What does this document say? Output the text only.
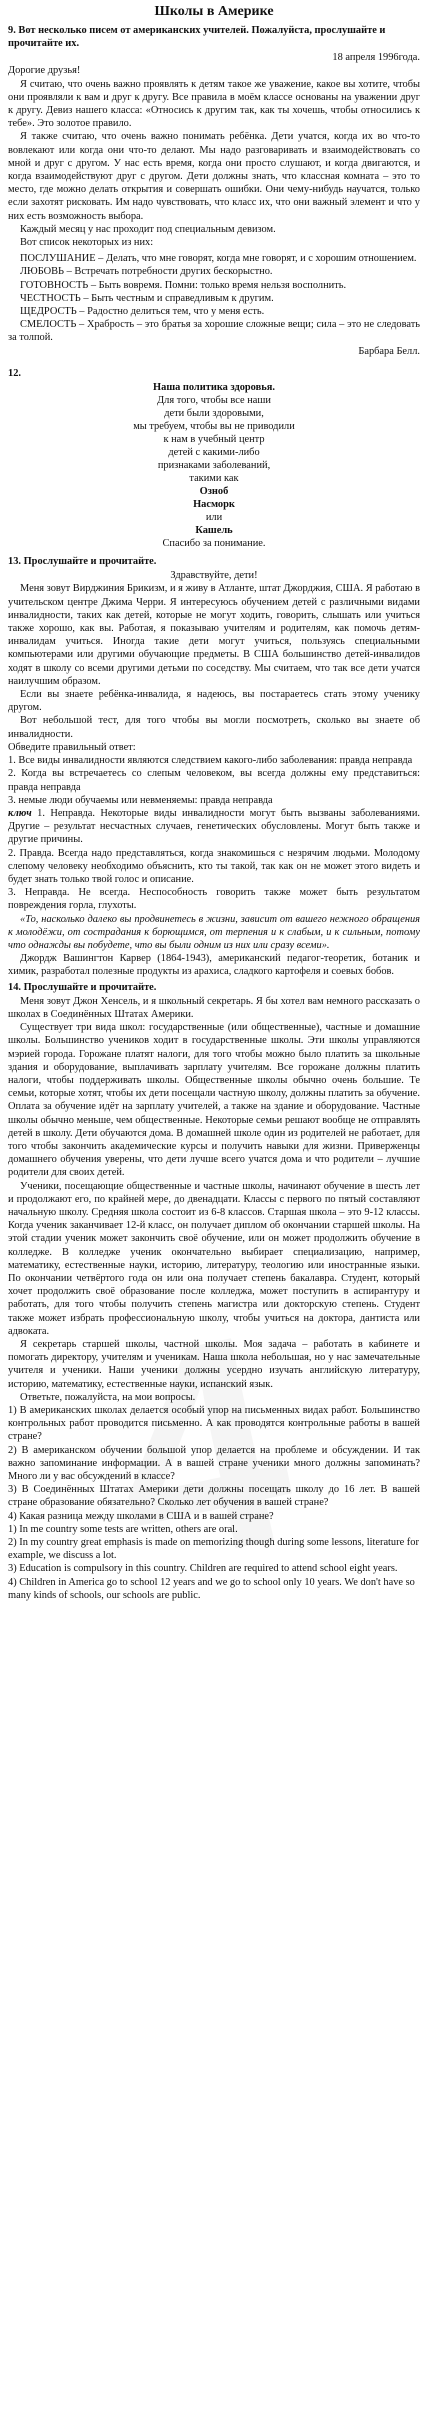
Школы в Америке
9. Вот несколько писем от американских учителей. Пожалуйста, прослушайте и прочитайте их.
18 апреля 1996года.

Дорогие друзья!

Я считаю, что очень важно проявлять к детям такое же уважение, какое вы хотите, чтобы они проявляли к вам и друг к другу. Все правила в моём классе основаны на уважении друг к другу. Девиз нашего класса: «Относись к другим так, как ты хочешь, чтобы относились к тебе». Это золотое правило.

Я также считаю, что очень важно понимать ребёнка. Дети учатся, когда их во что-то вовлекают или когда они что-то делают. Мы надо разговаривать и взаимодействовать со мной и друг с другом. У нас есть время, когда они просто слушают, и когда двигаются, и когда взаимодействуют друг с другом. Дети должны знать, что классная комната – это то место, где можно делать открытия и совершать ошибки. Они чему-нибудь научатся, только если захотят рисковать. Им надо чувствовать, что класс их, что они важный элемент и что у них есть возможность выбора.

Каждый месяц у нас проходит под специальным девизом.

Вот список некоторых из них:

ПОСЛУШАНИЕ – Делать, что мне говорят, когда мне говорят, и с хорошим отношением.

ЛЮБОВЬ – Встречать потребности других бескорыстно.

ГОТОВНОСТЬ – Быть вовремя. Помни: только время нельзя восполнить.

ЧЕСТНОСТЬ – Быть честным и справедливым к другим.

ЩЕДРОСТЬ – Радостно делиться тем, что у меня есть.

СМЕЛОСТЬ – Храбрость – это братья за хорошие сложные вещи; сила – это не следовать за толпой.

Барбара Белл.
12.
Наша политика здоровья.
Для того, чтобы все наши
дети были здоровыми,
мы требуем, чтобы вы не приводили
к нам в учебный центр
детей с какими-либо
признаками заболеваний,
такими как
Озноб
Насморк
или
Кашель
Спасибо за понимание.
13. Прослушайте и прочитайте.
Здравствуйте, дети!

Меня зовут Вирджиния Брикизм, и я живу в Атланте, штат Джорджия, США. Я работаю в учительском центре Джима Черри. Я интересуюсь обучением детей с различными видами инвалидности, таких как детей, которые не могут ходить, говорить, слышать или учиться также хорошо, как вы. Работая, я показываю учителям и родителям, как помочь детям-инвалидам учиться. Иногда такие дети могут учиться, пользуясь специальными компьютерами или другими обучающие предметы. В США большинство детей-инвалидов ходят в школу со всеми другими детьми по соседству. Мы считаем, что так все дети учатся наилучшим образом.

Если вы знаете ребёнка-инвалида, я надеюсь, вы постараетесь стать этому ученику другом.

Вот небольшой тест, для того чтобы вы могли посмотреть, сколько вы знаете об инвалидности.

Обведите правильный ответ:

1. Все виды инвалидности являются следствием какого-либо заболевания: правда неправда

2. Когда вы встречаетесь со слепым человеком, вы всегда должны ему представиться: правда неправда

3. немые люди обучаемы или невменяемы: правда неправда

ключ 1. Неправда. Некоторые виды инвалидности могут быть вызваны заболеваниями. Другие – результат несчастных случаев, генетических обусловлены. Могут быть также и другие причины.

2. Правда. Всегда надо представляться, когда знакомишься с незрячим людьми. Молодому слепому человеку необходимо объяснить, кто ты такой, так как он не может этого видеть и будет знать только твой голос и описание.

3. Неправда. Не всегда. Неспособность говорить также может быть результатом повреждения горла, глухоты.

«То, насколько далеко вы продвинетесь в жизни, зависит от вашего нежного обращения к молодёжи, от сострадания к борющимся, от терпения и к слабым, и к сильным, потому что однажды вы побудете, что вы были одним из них или сразу всеми».

Джордж Вашингтон Карвер (1864-1943), американский педагог-теоретик, ботаник и химик, разработал полезные продукты из арахиса, сладкого картофеля и соевых бобов.

14. Прослушайте и прочитайте.

Меня зовут Джон Хенсель, и я школьный секретарь. Я бы хотел вам немного рассказать о школах в Соединённых Штатах Америки.

Существует три вида школ: государственные (или общественные), частные и домашние школы. Большинство учеников ходит в государственные школы. Эти школы управляются мэрией города. Горожане платят налоги, для того чтобы можно было платить за школьные здания и оборудование, выплачивать зарплату учителям. Все горожане должны платить налоги, чтобы поддерживать школы. Общественные школы обычно очень большие. Те семьи, которые хотят, чтобы их дети посещали частную школу, должны платить за обучение. Оплата за обучение идёт на зарплату учителей, а также на здание и оборудование. Частные школы обычно меньше, чем общественные. Некоторые семьи решают вообще не отправлять детей в школу. Дети обучаются дома. В домашней школе один из родителей не работает, для того чтобы закончить академические курсы и получить навыки для жизни. Приверженцы домашнего обучения уверены, что дети лучше всего учатся дома и что родители – лучшие родители для своих детей.

Ученики, посещающие общественные и частные школы, начинают обучение в шесть лет и продолжают его, по крайней мере, до двенадцати. Классы с первого по пятый составляют начальную школу. Средняя школа состоит из 6-8 классов. Старшая школа – это 9-12 классы. Когда ученик заканчивает 12-й класс, он получает диплом об окончании старшей школы. На этой стадии ученик может закончить своё обучение, или он может продолжить обучение в колледже. В колледже ученик окончательно выбирает специализацию, например, математику, естественные науки, историю, литературу, теологию или иностранные языки. По окончании четвёртого года он или она получает степень бакалавра. Студент, который хочет продолжить своё образование после колледжа, может поступить в аспирантуру и работать, для того чтобы получить степень магистра или докторскую степень. Студент также может избрать профессиональную школу, чтобы учиться на доктора, дантиста или адвоката.

Я секретарь старшей школы, частной школы. Моя задача – работать в кабинете и помогать директору, учителям и ученикам. Наша школа небольшая, но у нас замечательные учителя и ученики. Наши ученики должны усердно изучать английскую литературу, историю, математику, естественные науки, испанский язык.

Ответьте, пожалуйста, на мои вопросы.

1) В американских школах делается особый упор на письменных видах работ. Большинство контрольных работ проводится письменно. А как проводятся контрольные работы в вашей стране?

2) В американском обучении большой упор делается на проблеме и обсуждении. И так важно запоминание информации. А в вашей стране ученики много должны запоминать? Много ли у вас обсуждений в классе?

3) В Соединённых Штатах Америки дети должны посещать школу до 16 лет. В вашей стране образование обязательно? Сколько лет обучения в вашей стране?

4) Какая разница между школами в США и в вашей стране?

1) In me country some tests are written, others are oral.
2) In my country great emphasis is made on memorizing though during some lessons, literature for example, we discuss a lot.
3) Education is compulsory in this country. Children are required to attend school eight years.
4) Children in America go to school 12 years and we go to school only 10 years. We don't have so many kinds of schools, our schools are public.
